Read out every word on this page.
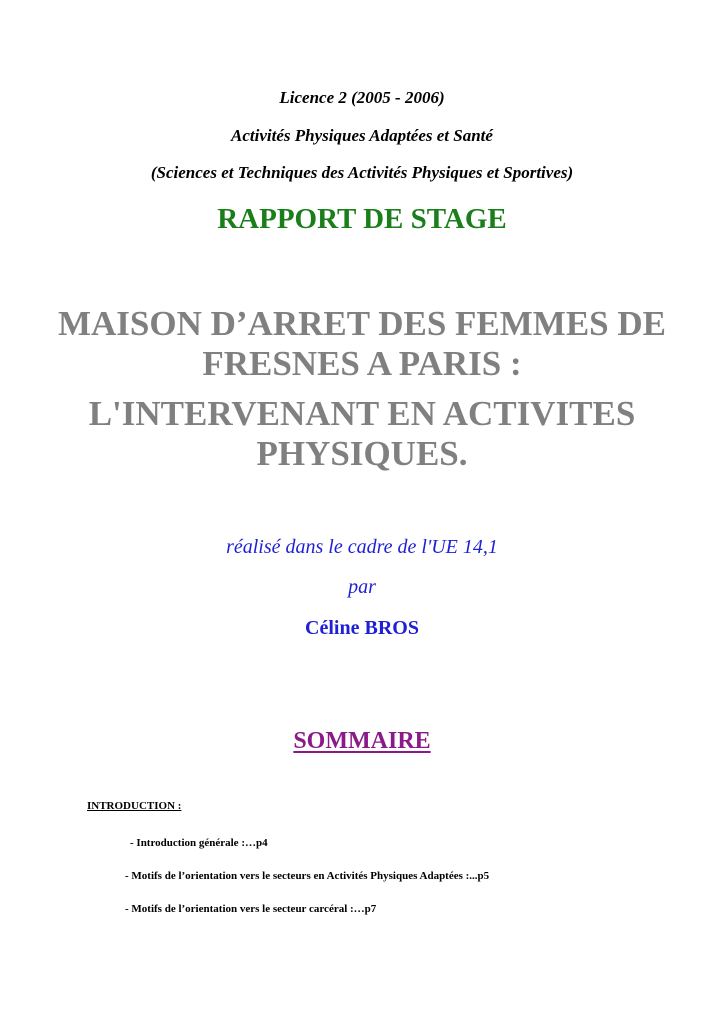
Licence 2 (2005 - 2006)
Activités Physiques Adaptées et Santé
(Sciences et Techniques des Activités Physiques et Sportives)
RAPPORT DE STAGE
MAISON D’ARRET DES FEMMES DE
FRESNES A PARIS :
L'INTERVENANT EN ACTIVITES
PHYSIQUES.
réalisé dans le cadre de l'UE 14,1
par
Céline BROS
SOMMAIRE
INTRODUCTION :
- Introduction générale :…p4
- Motifs de l’orientation vers le secteurs en Activités Physiques Adaptées :...p5
- Motifs de l’orientation vers le secteur carcéral :…p7
